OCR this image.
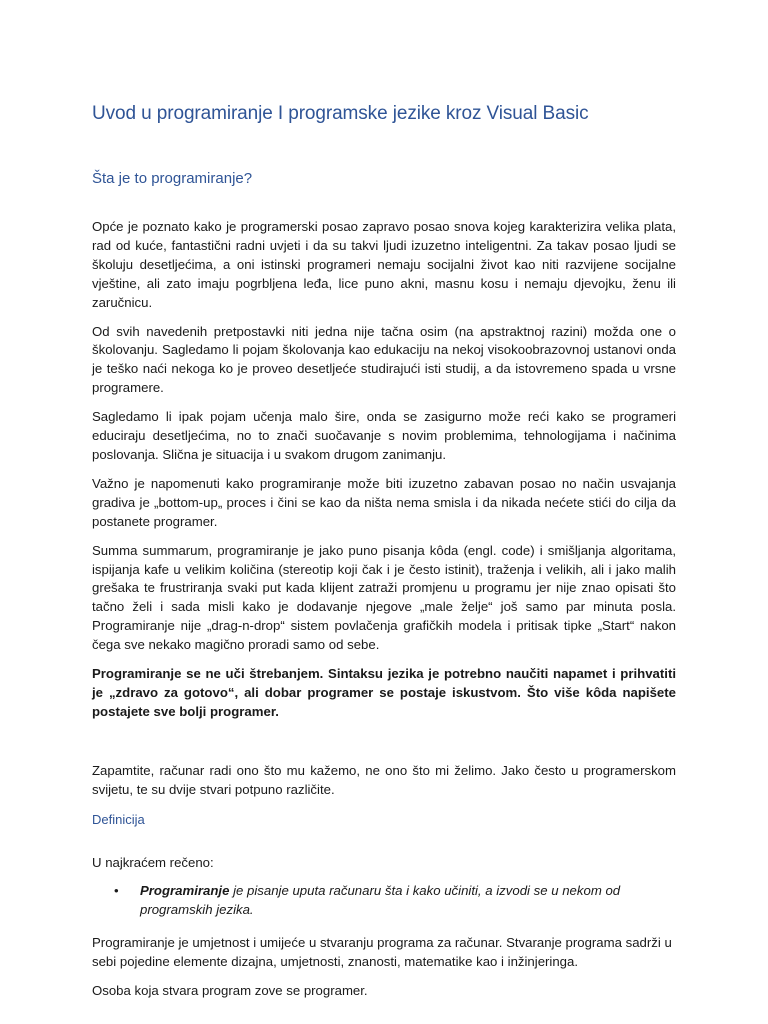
Uvod u programiranje I programske jezike kroz Visual Basic
Šta je to programiranje?

Opće je poznato kako je programerski posao zapravo posao snova kojeg karakterizira velika plata, rad od kuće, fantastični radni uvjeti i da su takvi ljudi izuzetno inteligentni. Za takav posao ljudi se školuju desetljećima, a oni istinski programeri nemaju socijalni život kao niti razvijene socijalne vještine, ali zato imaju pogrbljena leđa, lice puno akni, masnu kosu i nemaju djevojku, ženu ili zaručnicu.

Od svih navedenih pretpostavki niti jedna nije tačna osim (na apstraktnoj razini) možda one o školovanju. Sagledamo li pojam školovanja kao edukaciju na nekoj visokoobrazovnoj ustanovi onda je teško naći nekoga ko je proveo desetljeće studirajući isti studij, a da istovremeno spada u vrsne programere.

Sagledamo li ipak pojam učenja malo šire, onda se zasigurno može reći kako se programeri educiraju desetljećima, no to znači suočavanje s novim problemima, tehnologijama i načinima poslovanja. Slična je situacija i u svakom drugom zanimanju.

Važno je napomenuti kako programiranje može biti izuzetno zabavan posao no način usvajanja gradiva je „bottom-up„ proces i čini se kao da ništa nema smisla i da nikada nećete stići do cilja da postanete programer.

Summa summarum, programiranje je jako puno pisanja kôda (engl. code) i smišljanja algoritama, ispijanja kafe u velikim količina (stereotip koji čak i je često istinit), traženja i velikih, ali i jako malih grešaka te frustriranja svaki put kada klijent zatraži promjenu u programu jer nije znao opisati što tačno želi i sada misli kako je dodavanje njegove „male želje“ još samo par minuta posla. Programiranje nije „drag-n-drop“ sistem povlačenja grafičkih modela i pritisak tipke „Start“ nakon čega sve nekako magično proradi samo od sebe.

Programiranje se ne uči štrebanjem. Sintaksu jezika je potrebno naučiti napamet i prihvatiti je „zdravo za gotovo“, ali dobar programer se postaje iskustvom. Što više kôda napišete postajete sve bolji programer.

Zapamtite, računar radi ono što mu kažemo, ne ono što mi želimo. Jako često u programerskom svijetu, te su dvije stvari potpuno različite.

Definicija

U najkraćem rečeno:

•	Programiranje je pisanje uputa računaru šta i kako učiniti, a izvodi se u nekom od programskih jezika.

Programiranje je umjetnost i umijeće u stvaranju programa za računar. Stvaranje programa sadrži u sebi pojedine elemente dizajna, umjetnosti, znanosti, matematike kao i inžinjeringa.

Osoba koja stvara program zove se programer.
